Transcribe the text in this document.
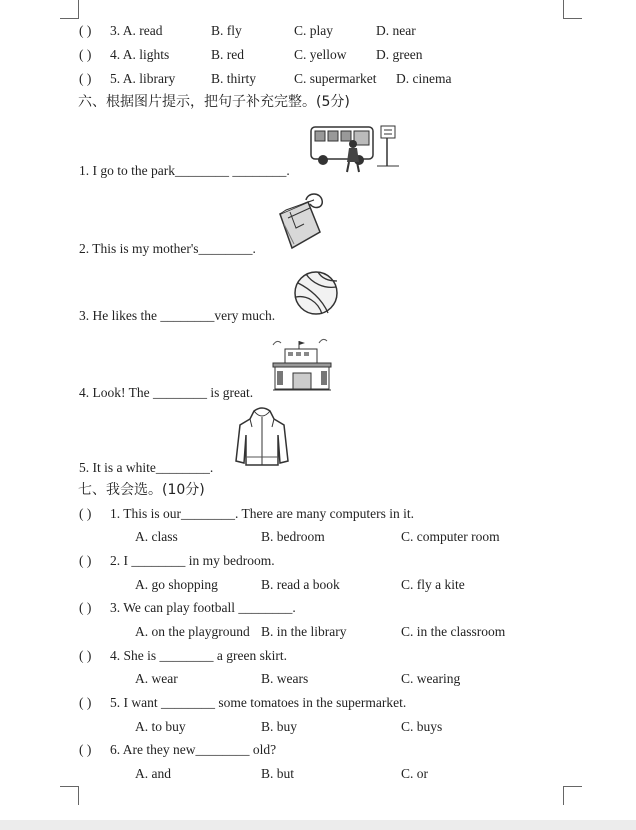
( ) 3. A. read	B. fly	C. play	D. near
( ) 4. A. lights	B. red	C. yellow D. green
( ) 5. A. library	B. thirty	C. supermarket D. cinema
六、根据图片提示，把句子补充完整。(5分)
1. I go to the park________ ________.
2. This is my mother's________.
3. He likes the ________very much.
4. Look! The ________ is great.
5. It is a white________.
七、我会选。(10分)
( ) 1. This is our________. There are many computers in it.
A. class	B. bedroom	C. computer room
( ) 2. I ________ in my bedroom.
A. go shopping	B. read a book	C. fly a kite
( ) 3. We can play football ________.
A. on the playground B. in the library	C. in the classroom
( ) 4. She is ________ a green skirt.
A. wear	B. wears	C. wearing
( ) 5. I want ________ some tomatoes in the supermarket.
A. to buy	B. buy	C. buys
( ) 6. Are they new________ old?
A. and	B. but	C. or
